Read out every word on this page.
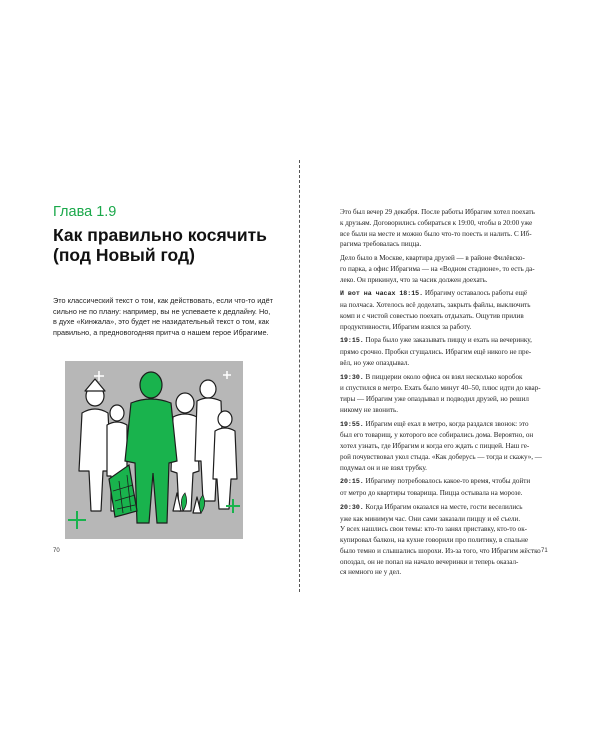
Глава 1.9
Как правильно косячить
(под Новый год)

Это классический текст о том, как действовать, если что-то идёт
сильно не по плану: например, вы не успеваете к дедлайну. Но,
в духе «Кинжала», это будет не назидательный текст о том, как
правильно, а предновогодняя притча о нашем герое Ибрагиме.

70

Это был вечер 29 декабря. После работы Ибрагим хотел поехать
к друзьям. Договорились собираться к 19:00, чтобы в 20:00 уже
все были на месте и можно было что-то поесть и налить. С Иб-
рагима требовалась пицца.

Дело было в Москве, квартира друзей — в районе Филёвско-
го парка, а офис Ибрагима — на «Водном стадионе», то есть да-
леко. Он прикинул, что за часик должен доехать.

И вот на часах 18:15. Ибрагиму оставалось работы ещё
на полчаса. Хотелось всё доделать, закрыть файлы, выключить
комп и с чистой совестью поехать отдыхать. Ощутив прилив
продуктивности, Ибрагим взялся за работу.

19:15. Пора было уже заказывать пиццу и ехать на вечеринку,
прямо срочно. Пробки сгущались. Ибрагим ещё никого не пре-
вёл, но уже опаздывал.

19:30. В пиццерии около офиса он взял несколько коробок
и спустился в метро. Ехать было минут 40–50, плюс идти до квар-
тиры — Ибрагим уже опаздывал и подводил друзей, но решил
никому не звонить.

19:55. Ибрагим ещё ехал в метро, когда раздался звонок: это
был его товарищ, у которого все собирались дома. Вероятно, он
хотел узнать, где Ибрагим и когда его ждать с пиццей. Наш ге-
рой почувствовал укол стыда. «Как доберусь — тогда и скажу», —
подумал он и не взял трубку.

20:15. Ибрагиму потребовалось какое-то время, чтобы дойти
от метро до квартиры товарища. Пицца остывала на морозе.

20:30. Когда Ибрагим оказался на месте, гости веселились
уже как минимум час. Они сами заказали пиццу и её съели.
У всех нашлись свои темы: кто-то занял приставку, кто-то ок-
купировал балкон, на кухне говорили про политику, в спальне
было темно и слышались шорохи. Из-за того, что Ибрагим жёстко
опоздал, он не попал на начало вечеринки и теперь оказал-
ся немного не у дел.

71
